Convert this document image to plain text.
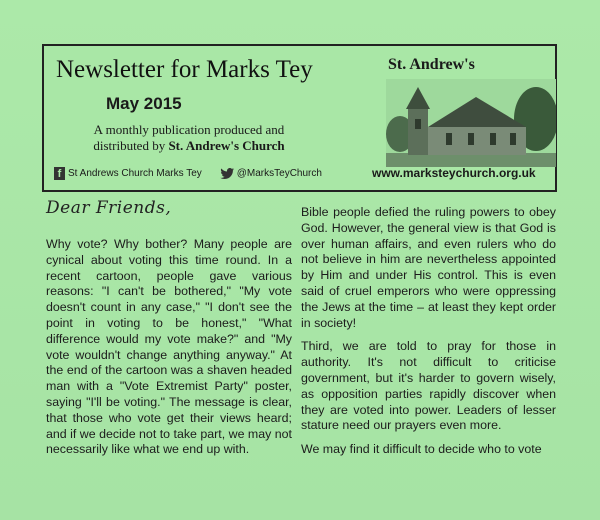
Newsletter for Marks Tey
May 2015
A monthly publication produced and
distributed by St. Andrew's Church
St. Andrew's
f St Andrews Church Marks Tey	@MarksTeyChurch	www.marksteychurch.org.uk
Dear Friends,

Why vote? Why bother? Many people are cynical about voting this time round. In a recent cartoon, people gave various reasons: "I can't be bothered," "My vote doesn't count in any case," "I don't see the point in voting to be honest," "What difference would my vote make?" and "My vote wouldn't change anything anyway." At the end of the cartoon was a shaven headed man with a "Vote Extremist Party" poster, saying "I'll be voting." The message is clear, that those who vote get their views heard; and if we decide not to take part, we may not necessarily like what we end up with.

Bible people defied the ruling powers to obey God. However, the general view is that God is over human affairs, and even rulers who do not believe in him are nevertheless appointed by Him and under His control. This is even said of cruel emperors who were oppressing the Jews at the time – at least they kept order in society!

Third, we are told to pray for those in authority. It's not difficult to criticise government, but it's harder to govern wisely, as opposition parties rapidly discover when they are voted into power. Leaders of lesser stature need our prayers even more.

We may find it difficult to decide who to vote
